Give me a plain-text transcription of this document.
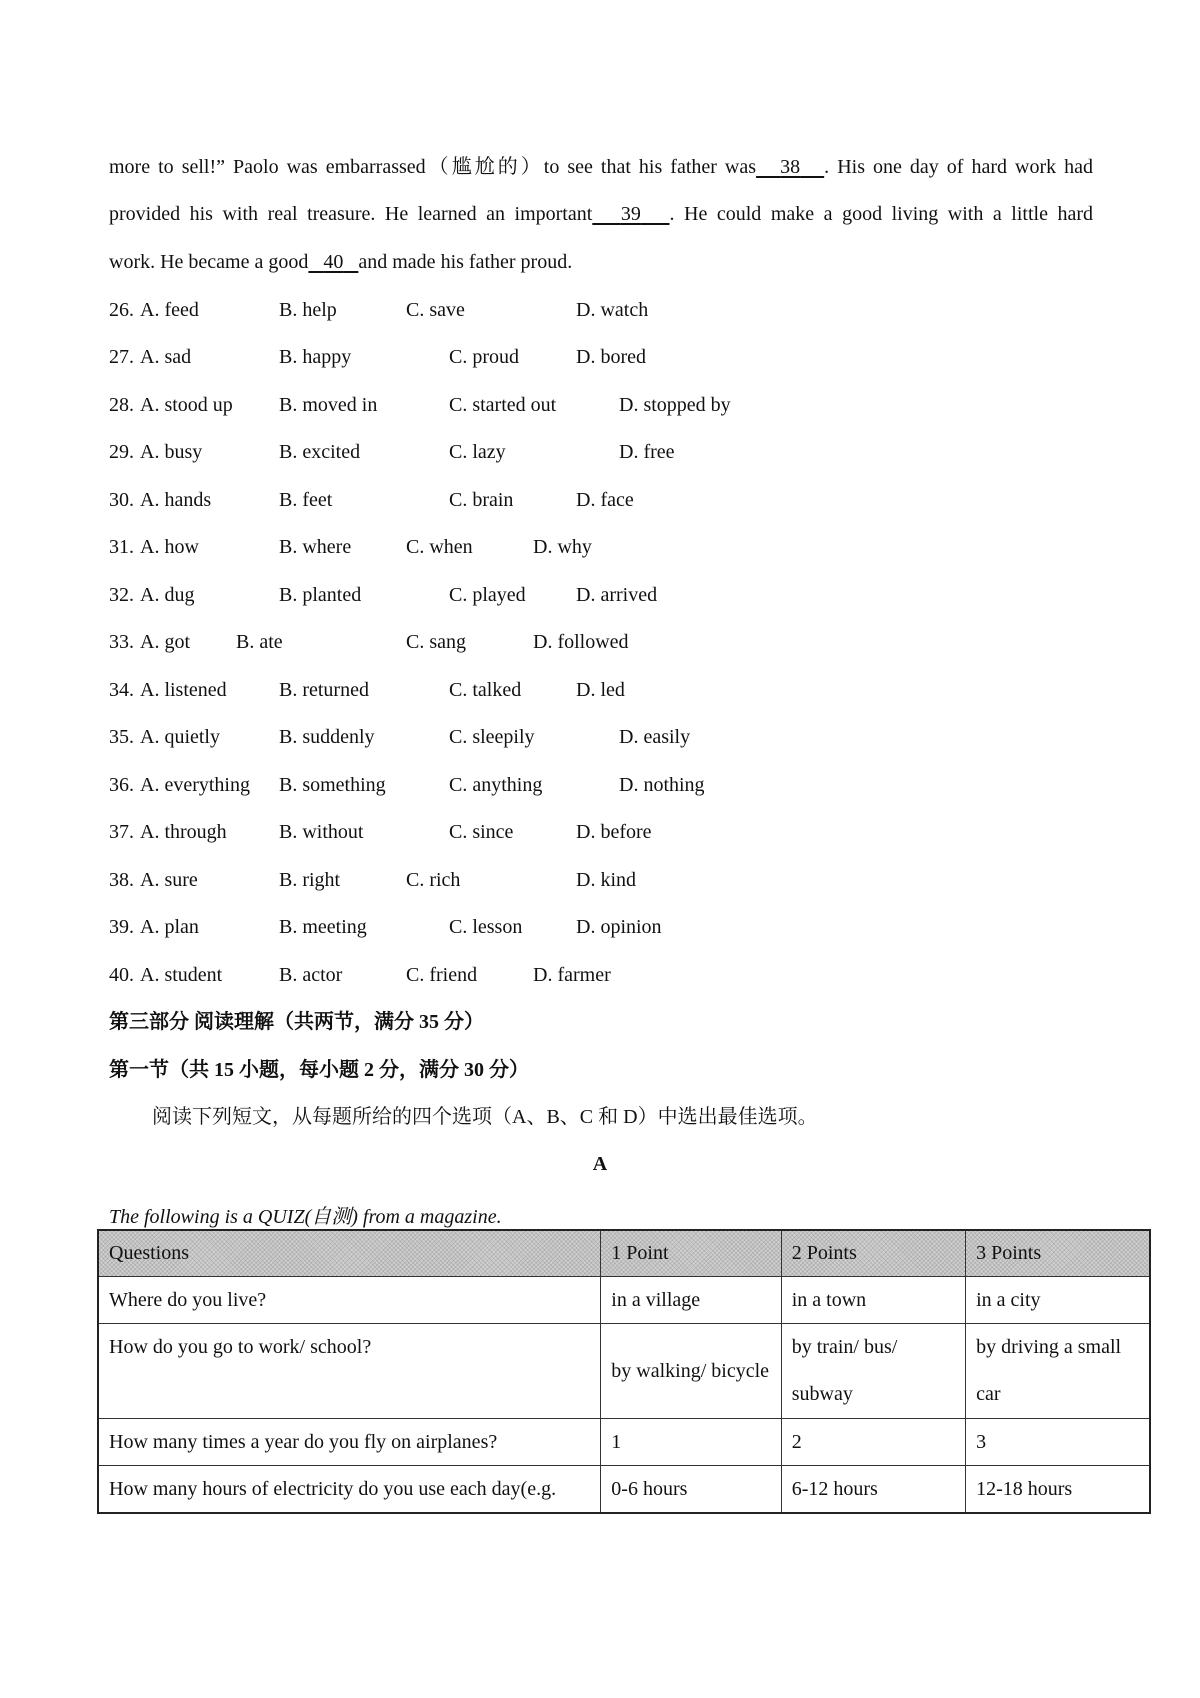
more to sell!” Paolo was embarrassed（尴尬的）to see that his father was 38 . His one day of hard work had
provided his with real treasure. He learned an important 39 . He could make a good living with a little hard
work. He became a good 40 and made his father proud.
26. A. feed	B. help	C. save	D. watch
27. A. sad	B. happy	C. proud	D. bored
28. A. stood up B. moved in	C. started out	D. stopped by
29. A. busy	B. excited	C. lazy	D. free
30. A. hands	B. feet	C. brain	D. face
31. A. how	B. where	C. when	D. why
32. A. dug	B. planted	C. played	D. arrived
33. A. got B. ate	C. sang	D. followed
34. A. listened	B. returned	C. talked	D. led
35. A. quietly	B. suddenly	C. sleepily	D. easily
36. A. everything B. something	C. anything	D. nothing
37. A. through	B. without	C. since	D. before
38. A. sure	B. right	C. rich	D. kind
39. A. plan	B. meeting	C. lesson	D. opinion
40. A. student	B. actor	C. friend	D. farmer
第三部分 阅读理解（共两节，满分 35 分）
第一节（共 15 小题，每小题 2 分，满分 30 分）
阅读下列短文，从每题所给的四个选项（A、B、C 和 D）中选出最佳选项。
A
The following is a QUIZ(自测) from a magazine.
Questions	1 Point	2 Points	3 Points
Where do you live?	in a village	in a town	in a city
How do you go to work/ school?	by walking/ bicycle	by train/ bus/ subway	by driving a small car
How many times a year do you fly on airplanes?	1	2	3
How many hours of electricity do you use each day(e.g.	0-6 hours	6-12 hours	12-18 hours
